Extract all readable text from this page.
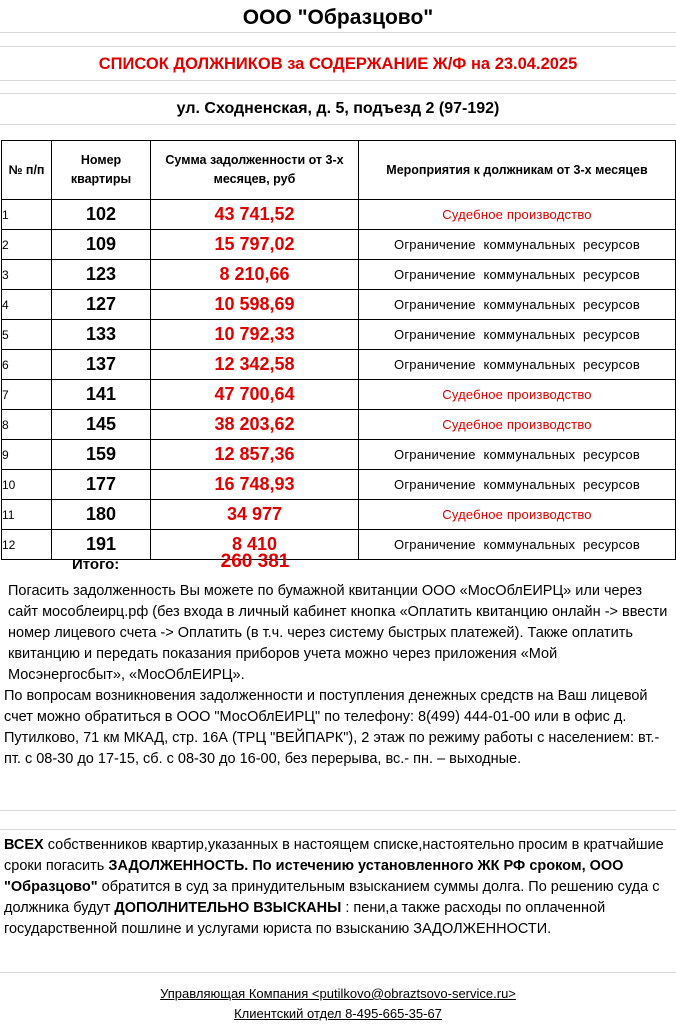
ООО "Образцово"
СПИСОК ДОЛЖНИКОВ за СОДЕРЖАНИЕ Ж/Ф на 23.04.2025
ул. Сходненская, д. 5, подъезд 2 (97-192)
№ п/п	Номер квартиры	Сумма задолженности от 3-х месяцев, руб	Мероприятия к должникам от 3-х месяцев
1	102	43 741,52	Судебное производство
2	109	15 797,02	Ограничение коммунальных ресурсов
3	123	8 210,66	Ограничение коммунальных ресурсов
4	127	10 598,69	Ограничение коммунальных ресурсов
5	133	10 792,33	Ограничение коммунальных ресурсов
6	137	12 342,58	Ограничение коммунальных ресурсов
7	141	47 700,64	Судебное производство
8	145	38 203,62	Судебное производство
9	159	12 857,36	Ограничение коммунальных ресурсов
10	177	16 748,93	Ограничение коммунальных ресурсов
11	180	34 977	Судебное производство
12	191	8 410	Ограничение коммунальных ресурсов
Итого:	260 381

Погасить задолженность Вы можете по бумажной квитанции ООО «МосОблЕИРЦ» или через сайт мособлеирц.рф (без входа в личный кабинет кнопка «Оплатить квитанцию онлайн -> ввести номер лицевого счета -> Оплатить (в т.ч. через систему быстрых платежей). Также оплатить квитанцию и передать показания приборов учета можно через приложения «Мой Мосэнергосбыт», «МосОблЕИРЦ».

По вопросам возникновения задолженности и поступления денежных средств на Ваш лицевой счет можно обратиться в ООО "МосОблЕИРЦ" по телефону: 8(499) 444-01-00 или в офис д. Путилково, 71 км МКАД, стр. 16А (ТРЦ "ВЕЙПАРК"), 2 этаж по режиму работы с населением: вт.-пт. с 08-30 до 17-15, сб. с 08-30 до 16-00, без перерыва, вс.- пн. – выходные.

ВСЕХ собственников квартир,указанных в настоящем списке,настоятельно просим в кратчайшие сроки погасить ЗАДОЛЖЕННОСТЬ. По истечению установленного ЖК РФ сроком, ООО "Образцово" обратится в суд за принудительным взысканием суммы долга. По решению суда с должника будут ДОПОЛНИТЕЛЬНО ВЗЫСКАНЫ : пени,а также расходы по оплаченной государственной пошлине и услугами юриста по взысканию ЗАДОЛЖЕННОСТИ.

Управляющая Компания <putilkovo@obraztsovo-service.ru>
Клиентский отдел 8-495-665-35-67
